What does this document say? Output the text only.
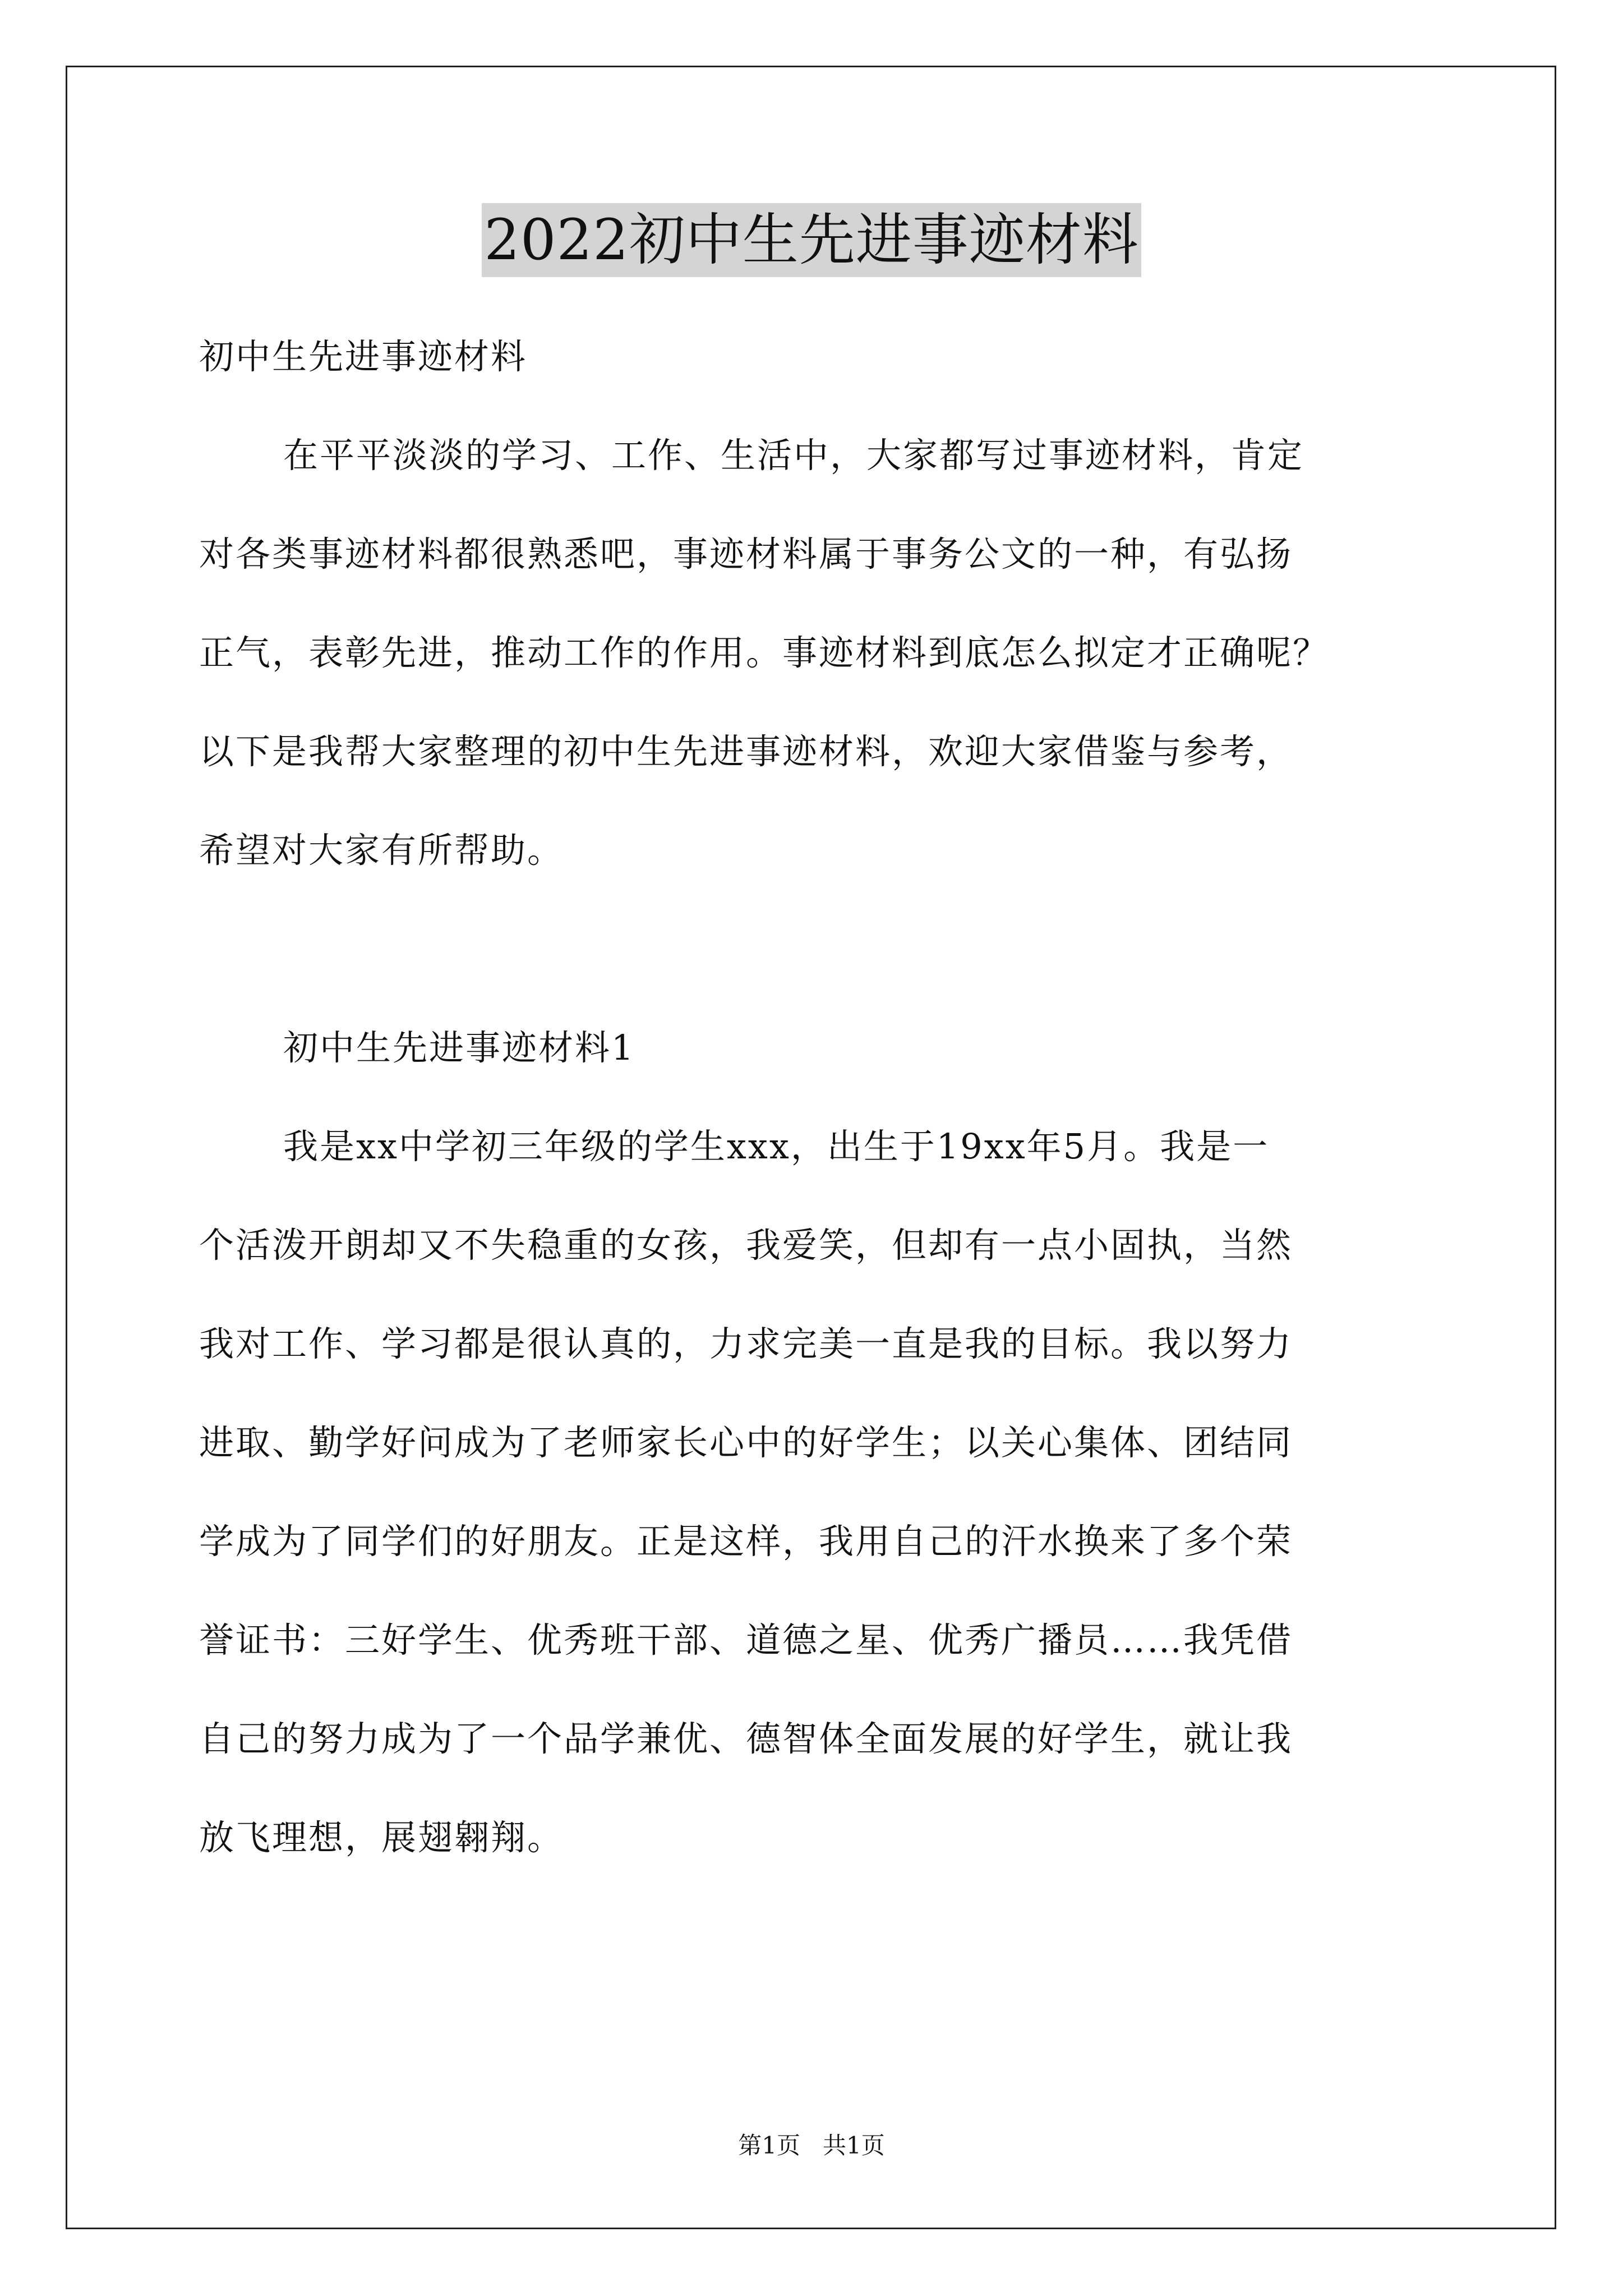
2022初中生先进事迹材料
初中生先进事迹材料
在平平淡淡的学习、工作、生活中，大家都写过事迹材料，肯定
对各类事迹材料都很熟悉吧，事迹材料属于事务公文的一种，有弘扬
正气，表彰先进，推动工作的作用。事迹材料到底怎么拟定才正确呢？
以下是我帮大家整理的初中生先进事迹材料，欢迎大家借鉴与参考，
希望对大家有所帮助。
初中生先进事迹材料1
我是xx中学初三年级的学生xxx，出生于19xx年5月。我是一
个活泼开朗却又不失稳重的女孩，我爱笑，但却有一点小固执，当然
我对工作、学习都是很认真的，力求完美一直是我的目标。我以努力
进取、勤学好问成为了老师家长心中的好学生；以关心集体、团结同
学成为了同学们的好朋友。正是这样，我用自己的汗水换来了多个荣
誉证书：三好学生、优秀班干部、道德之星、优秀广播员……我凭借
自己的努力成为了一个品学兼优、德智体全面发展的好学生，就让我
放飞理想，展翅翱翔。
第1页   共1页
